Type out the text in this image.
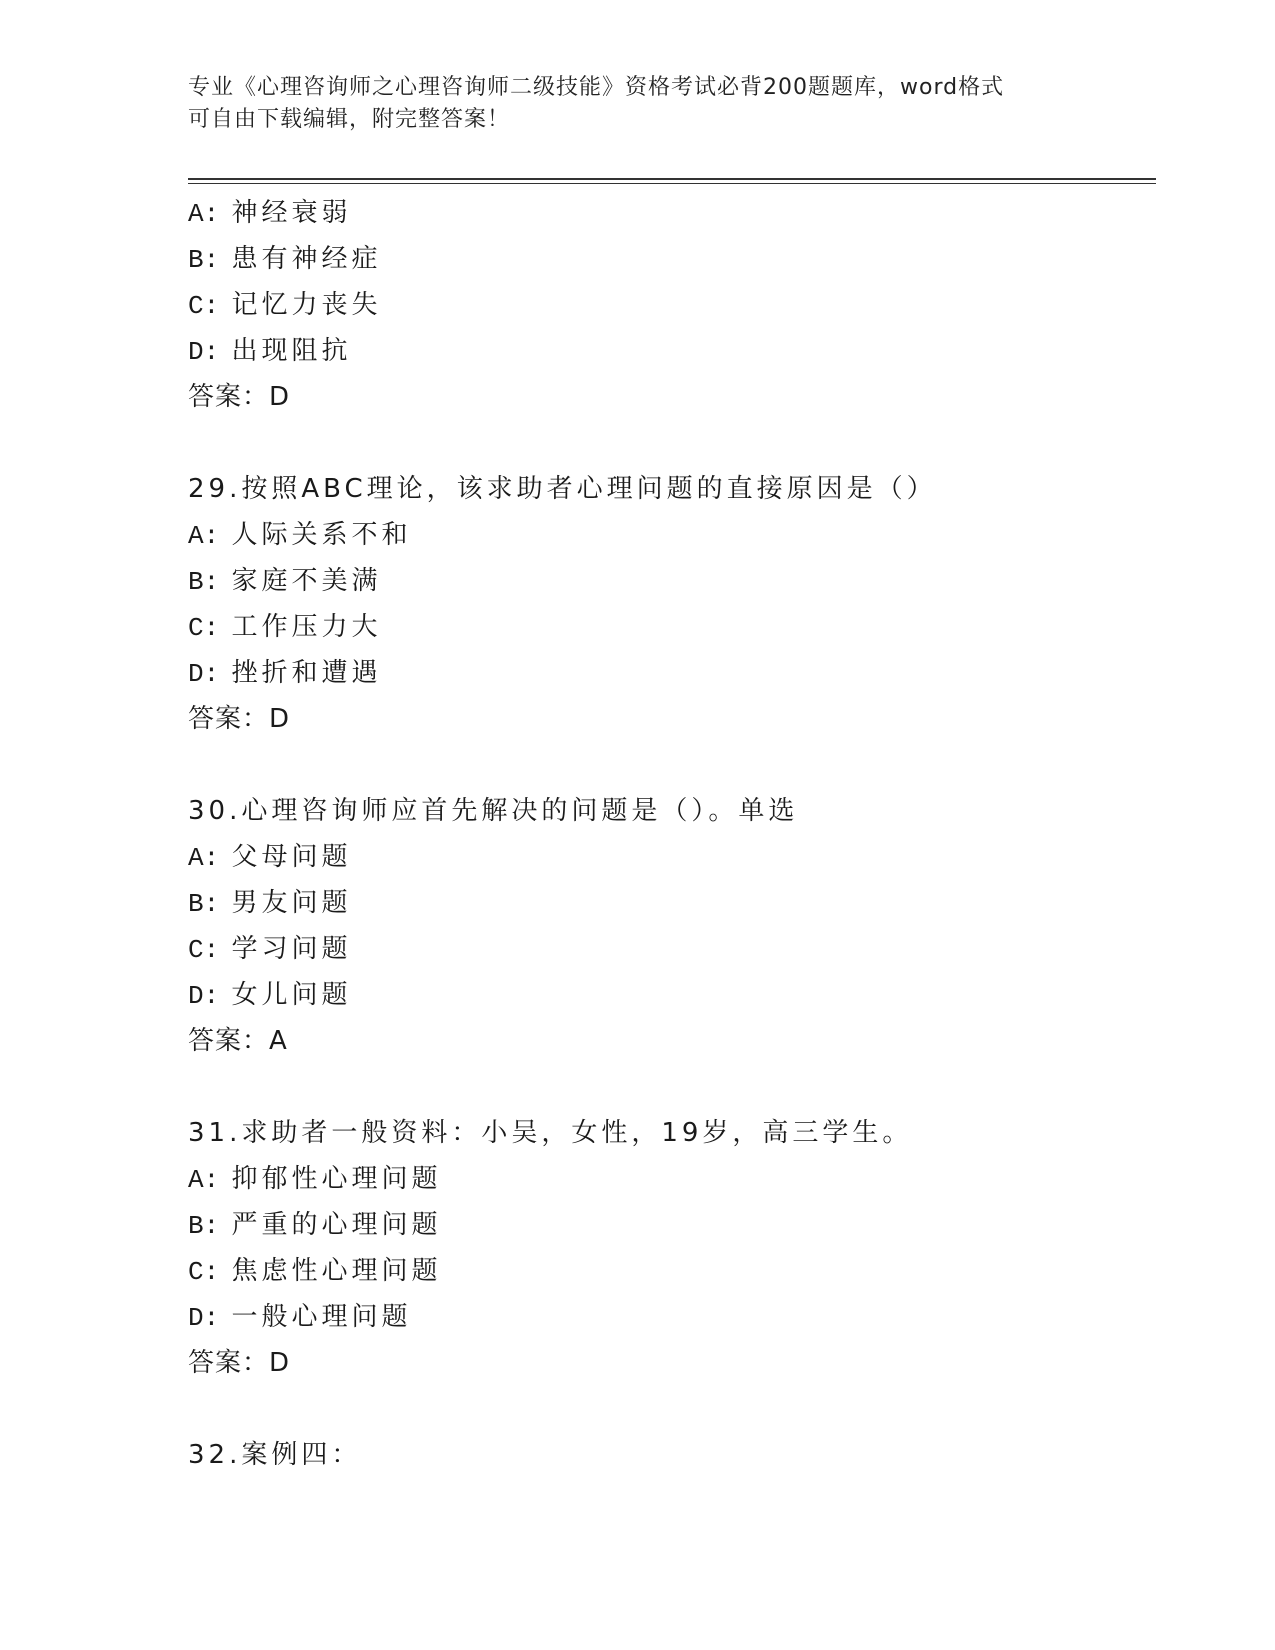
专业《心理咨询师之心理咨询师二级技能》资格考试必背200题题库，word格式
可自由下载编辑，附完整答案！
A: 神经衰弱
B: 患有神经症
C: 记忆力丧失
D: 出现阻抗
答案：D
29.按照ABC理论，该求助者心理问题的直接原因是（）
A: 人际关系不和
B: 家庭不美满
C: 工作压力大
D: 挫折和遭遇
答案：D
30.心理咨询师应首先解决的问题是（）。单选
A: 父母问题
B: 男友问题
C: 学习问题
D: 女儿问题
答案：A
31.求助者一般资料：小吴，女性，19岁，高三学生。
A: 抑郁性心理问题
B: 严重的心理问题
C: 焦虑性心理问题
D: 一般心理问题
答案：D
32.案例四：
